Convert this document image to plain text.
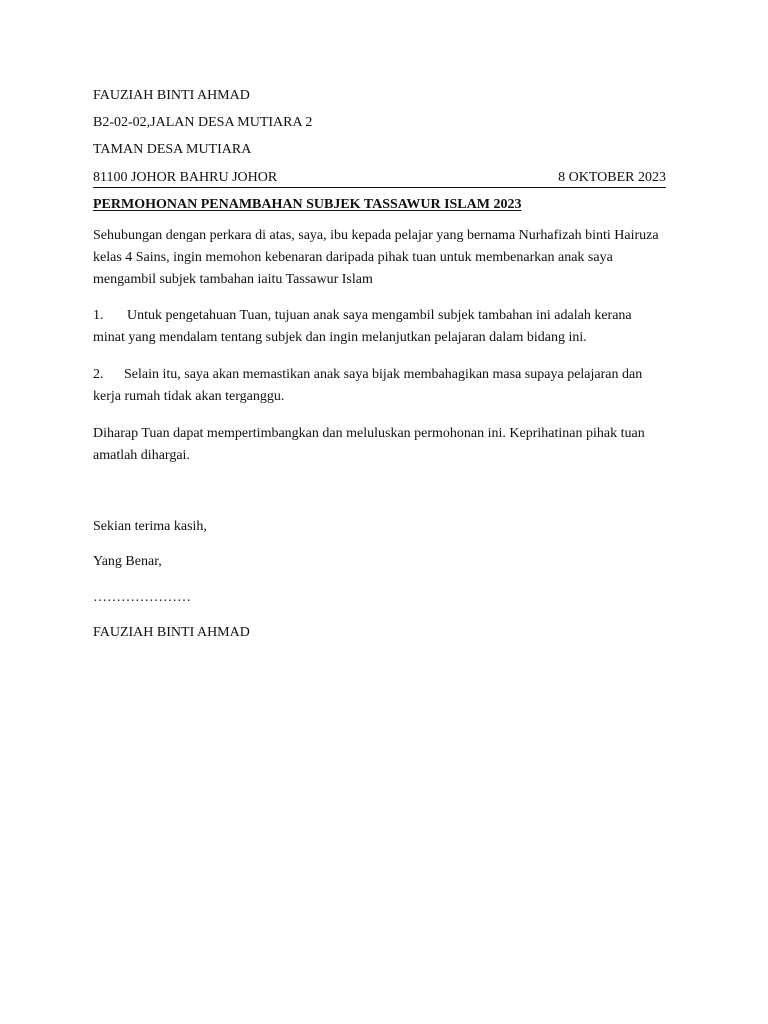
FAUZIAH BINTI AHMAD
B2-02-02,JALAN DESA MUTIARA 2
TAMAN DESA MUTIARA
81100 JOHOR BAHRU JOHOR	8 OKTOBER 2023
PERMOHONAN PENAMBAHAN SUBJEK TASSAWUR ISLAM 2023
Sehubungan dengan perkara di atas, saya, ibu kepada pelajar yang bernama Nurhafizah binti Hairuza
kelas 4 Sains, ingin memohon kebenaran daripada pihak tuan untuk membenarkan anak saya
mengambil subjek tambahan iaitu Tassawur Islam
1. Untuk pengetahuan Tuan, tujuan anak saya mengambil subjek tambahan ini adalah kerana
minat yang mendalam tentang subjek dan ingin melanjutkan pelajaran dalam bidang ini.
2. Selain itu, saya akan memastikan anak saya bijak membahagikan masa supaya pelajaran dan
kerja rumah tidak akan terganggu.
Diharap Tuan dapat mempertimbangkan dan meluluskan permohonan ini. Keprihatinan pihak tuan
amatlah dihargai.
Sekian terima kasih,
Yang Benar,
…………………
FAUZIAH BINTI AHMAD
